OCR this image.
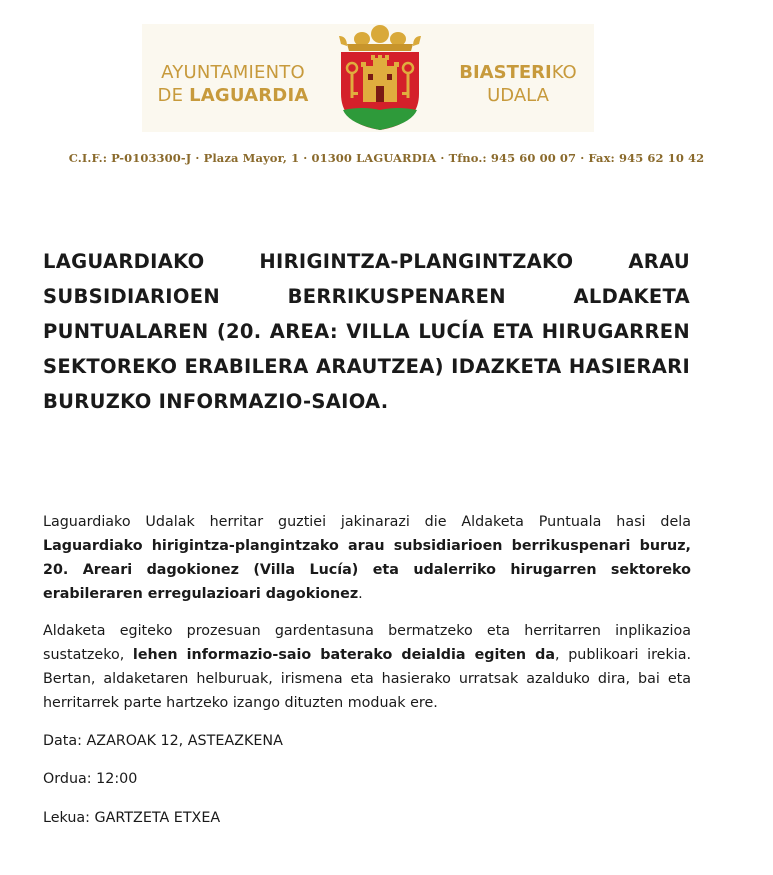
AYUNTAMIENTO
DE LAGUARDIA
BIASTERIKO
UDALA
C.I.F.: P-0103300-J · Plaza Mayor, 1 · 01300 LAGUARDIA · Tfno.: 945 60 00 07 · Fax: 945 62 10 42
LAGUARDIAKO HIRIGINTZA-PLANGINTZAKO ARAU SUBSIDIARIOEN BERRIKUSPENAREN ALDAKETA PUNTUALAREN (20. AREA: VILLA LUCÍA ETA HIRUGARREN SEKTOREKO ERABILERA ARAUTZEA) IDAZKETA HASIERARI BURUZKO INFORMAZIO-SAIOA.

Laguardiako Udalak herritar guztiei jakinarazi die Aldaketa Puntuala hasi dela Laguardiako hirigintza-plangintzako arau subsidiarioen berrikuspenari buruz, 20. Areari dagokionez (Villa Lucía) eta udalerriko hirugarren sektoreko erabileraren erregulazioari dagokionez.

Aldaketa egiteko prozesuan gardentasuna bermatzeko eta herritarren inplikazioa sustatzeko, lehen informazio-saio baterako deialdia egiten da, publikoari irekia. Bertan, aldaketaren helburuak, irismena eta hasierako urratsak azalduko dira, bai eta herritarrek parte hartzeko izango dituzten moduak ere.

Data: AZAROAK 12, ASTEAZKENA
Ordua: 12:00
Lekua: GARTZETA ETXEA
